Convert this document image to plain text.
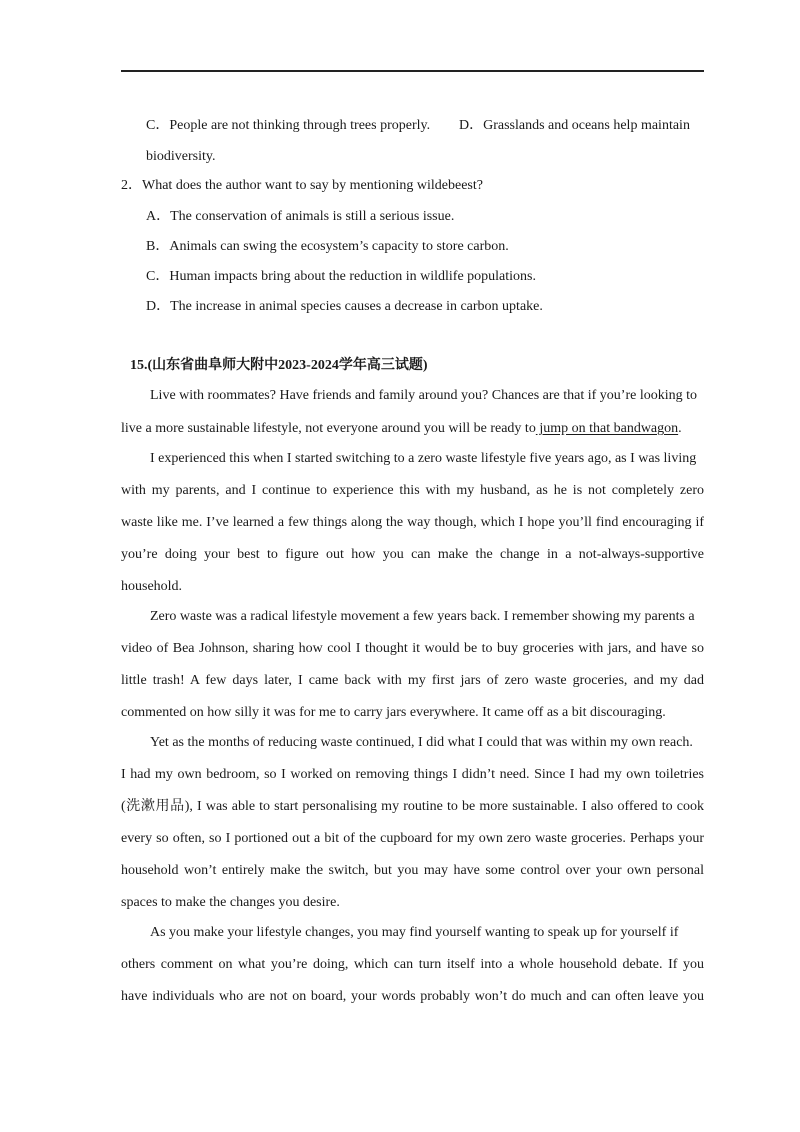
C．People are not thinking through trees properly. D．Grasslands and oceans help maintain
biodiversity.
2．What does the author want to say by mentioning wildebeest?
A．The conservation of animals is still a serious issue.
B．Animals can swing the ecosystem’s capacity to store carbon.
C．Human impacts bring about the reduction in wildlife populations.
D．The increase in animal species causes a decrease in carbon uptake.
15.(山东省曲阜师大附中2023-2024学年高三试题)
Live with roommates? Have friends and family around you? Chances are that if you’re looking to
live a more sustainable lifestyle, not everyone around you will be ready to jump on that bandwagon.
I experienced this when I started switching to a zero waste lifestyle five years ago, as I was living
with my parents, and I continue to experience this with my husband, as he is not completely zero
waste like me. I’ve learned a few things along the way though, which I hope you’ll find encouraging if
you’re doing your best to figure out how you can make the change in a not-always-supportive
household.
Zero waste was a radical lifestyle movement a few years back. I remember showing my parents a
video of Bea Johnson, sharing how cool I thought it would be to buy groceries with jars, and have so
little trash! A few days later, I came back with my first jars of zero waste groceries, and my dad
commented on how silly it was for me to carry jars everywhere. It came off as a bit discouraging.
Yet as the months of reducing waste continued, I did what I could that was within my own reach.
I had my own bedroom, so I worked on removing things I didn’t need. Since I had my own toiletries
(洗漱用品), I was able to start personalising my routine to be more sustainable. I also offered to cook
every so often, so I portioned out a bit of the cupboard for my own zero waste groceries. Perhaps your
household won’t entirely make the switch, but you may have some control over your own personal
spaces to make the changes you desire.
As you make your lifestyle changes, you may find yourself wanting to speak up for yourself if
others comment on what you’re doing, which can turn itself into a whole household debate. If you
have individuals who are not on board, your words probably won’t do much and can often leave you
